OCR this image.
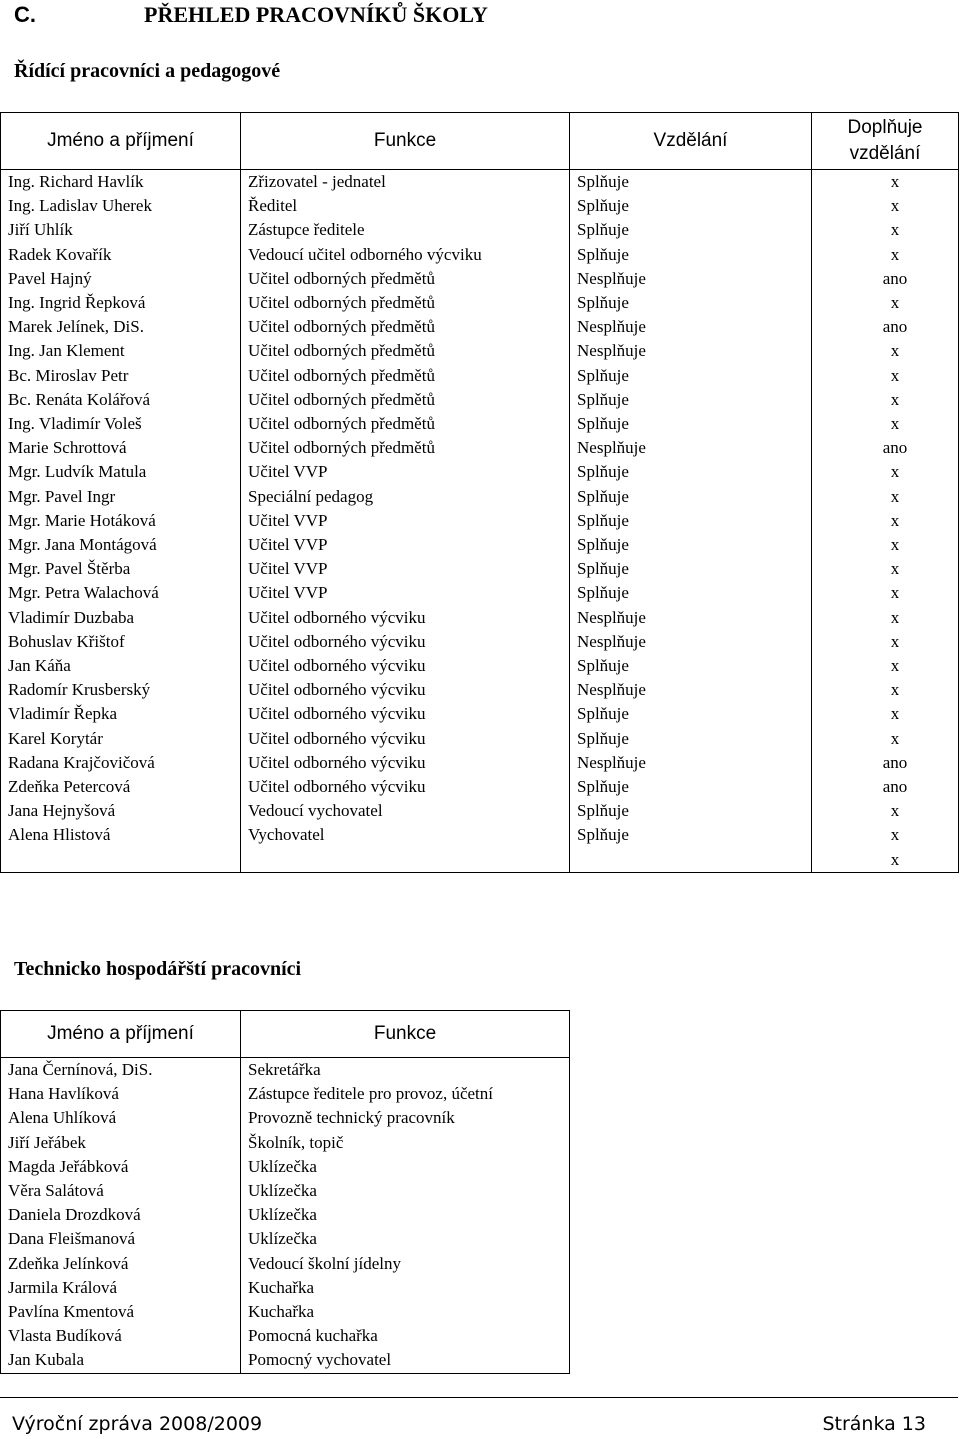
C.	PŘEHLED PRACOVNÍKŮ ŠKOLY
Řídící pracovníci a pedagogové
Jméno a příjmení	Funkce	Vzdělání	Doplňuje
vzdělání

Ing. Richard Havlík	Zřizovatel - jednatel	Splňuje	x
Ing. Ladislav Uherek	Ředitel	Splňuje	x
Jiří Uhlík	Zástupce ředitele	Splňuje	x
Radek Kovařík	Vedoucí učitel odborného výcviku	Splňuje	x
Pavel Hajný	Učitel odborných předmětů	Nesplňuje	ano
Ing. Ingrid Řepková	Učitel odborných předmětů	Splňuje	x
Marek Jelínek, DiS.	Učitel odborných předmětů	Nesplňuje	ano
Ing. Jan Klement	Učitel odborných předmětů	Nesplňuje	x
Bc. Miroslav Petr	Učitel odborných předmětů	Splňuje	x
Bc. Renáta Kolářová	Učitel odborných předmětů	Splňuje	x
Ing. Vladimír Voleš	Učitel odborných předmětů	Splňuje	x
Marie Schrottová	Učitel odborných předmětů	Nesplňuje	ano
Mgr. Ludvík Matula	Učitel VVP	Splňuje	x
Mgr. Pavel Ingr	Speciální pedagog	Splňuje	x
Mgr. Marie Hotáková	Učitel VVP	Splňuje	x
Mgr. Jana Montágová	Učitel VVP	Splňuje	x
Mgr. Pavel Štěrba	Učitel VVP	Splňuje	x
Mgr. Petra Walachová	Učitel VVP	Splňuje	x
Vladimír Duzbaba	Učitel odborného výcviku	Nesplňuje	x
Bohuslav Křištof	Učitel odborného výcviku	Nesplňuje	x
Jan Káňa	Učitel odborného výcviku	Splňuje	x
Radomír Krusberský	Učitel odborného výcviku	Nesplňuje	x
Vladimír Řepka	Učitel odborného výcviku	Splňuje	x
Karel Korytár	Učitel odborného výcviku	Splňuje	x
Radana Krajčovičová	Učitel odborného výcviku	Nesplňuje	ano
Zdeňka Petercová	Učitel odborného výcviku	Splňuje	ano
Jana Hejnyšová	Vedoucí vychovatel	Splňuje	x
Alena Hlistová	Vychovatel	Splňuje	x
			x
Technicko hospodářští pracovníci
Jméno a příjmení	Funkce
Jana Černínová, DiS.	Sekretářka
Hana Havlíková	Zástupce ředitele pro provoz, účetní
Alena Uhlíková	Provozně technický pracovník
Jiří Jeřábek	Školník, topič
Magda Jeřábková	Uklízečka
Věra Salátová	Uklízečka
Daniela Drozdková	Uklízečka
Dana Fleišmanová	Uklízečka
Zdeňka Jelínková	Vedoucí školní jídelny
Jarmila Králová	Kuchařka
Pavlína Kmentová	Kuchařka
Vlasta Budíková	Pomocná kuchařka
Jan Kubala	Pomocný vychovatel
Výroční zpráva 2008/2009	Stránka 13
